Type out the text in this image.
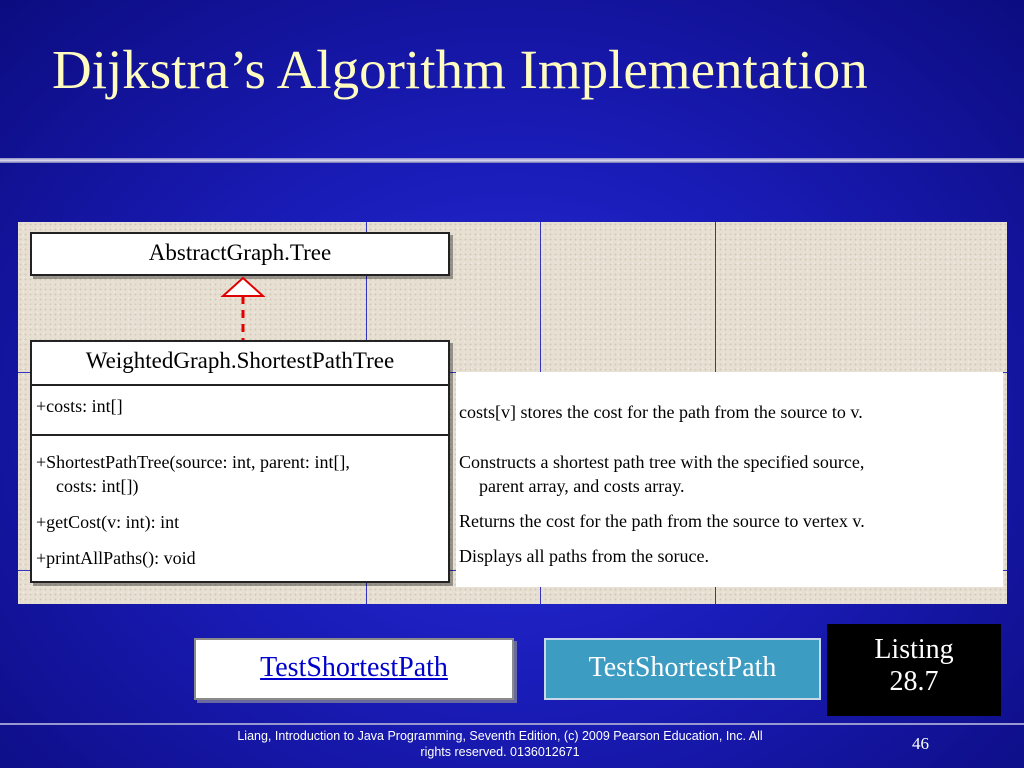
Dijkstra’s Algorithm Implementation
AbstractGraph.Tree
WeightedGraph.ShortestPathTree
+costs: int[]
+ShortestPathTree(source: int, parent: int[],
costs: int[])
+getCost(v: int): int
+printAllPaths(): void
costs[v] stores the cost for the path from the source to v.
Constructs a shortest path tree with the specified source,
parent array, and costs array.
Returns the cost for the path from the source to vertex v.
Displays all paths from the soruce.
TestShortestPath	TestShortestPath
Listing
28.7
Liang, Introduction to Java Programming, Seventh Edition, (c) 2009 Pearson Education, Inc. All
rights reserved. 0136012671	46
